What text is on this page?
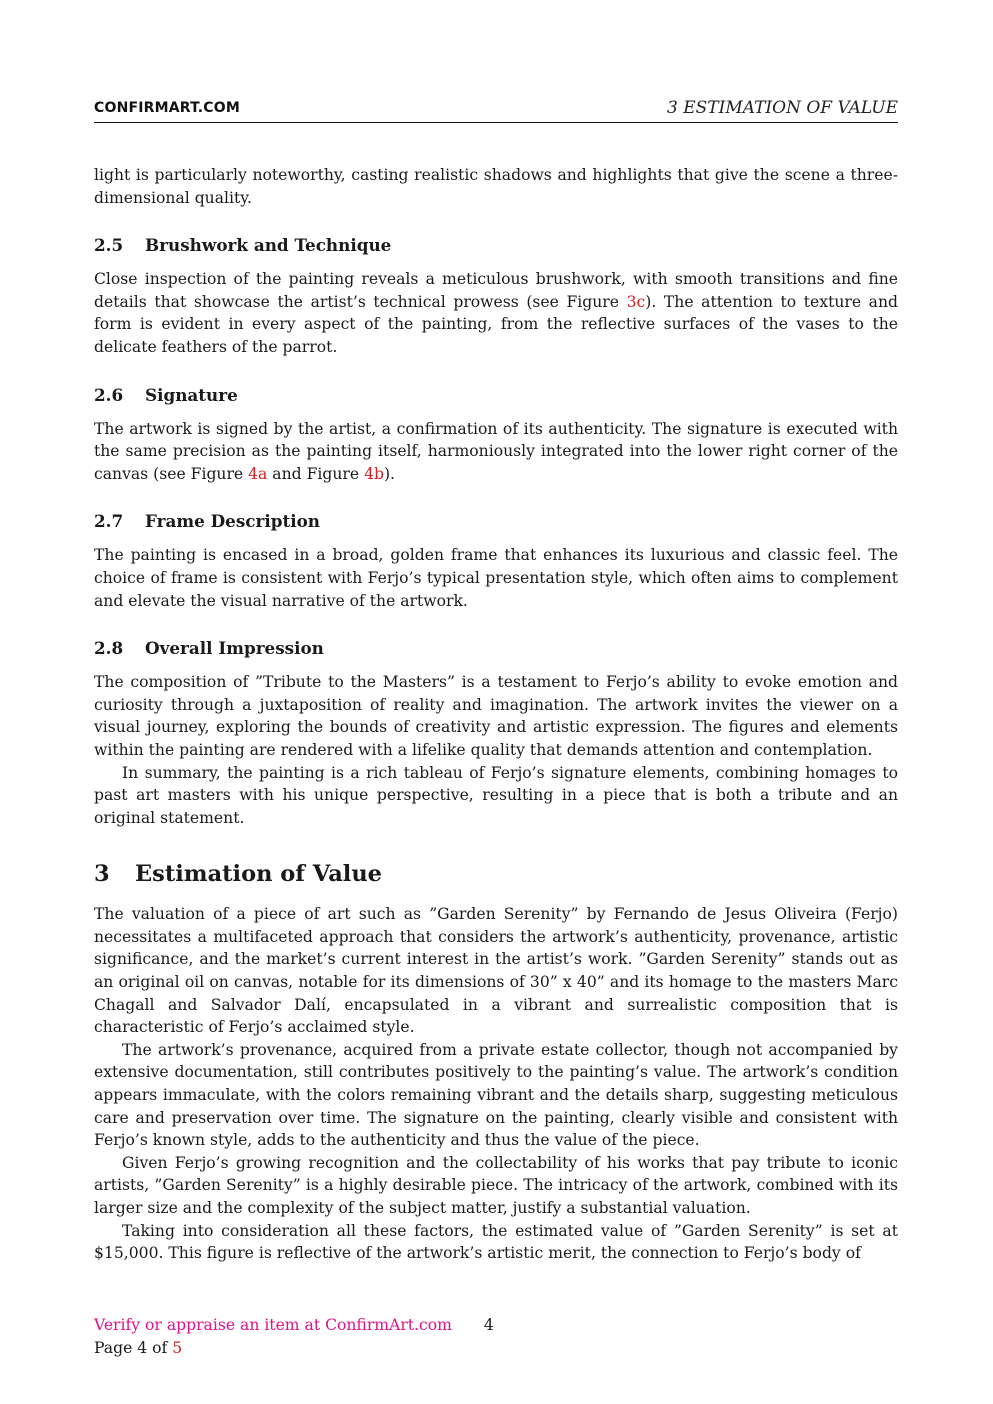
CONFIRMART.COM	3 ESTIMATION OF VALUE

light is particularly noteworthy, casting realistic shadows and highlights that give the scene a three-dimensional quality.

2.5 Brushwork and Technique

Close inspection of the painting reveals a meticulous brushwork, with smooth transitions and fine details that showcase the artist’s technical prowess (see Figure 3c). The attention to texture and form is evident in every aspect of the painting, from the reflective surfaces of the vases to the delicate feathers of the parrot.

2.6 Signature

The artwork is signed by the artist, a confirmation of its authenticity. The signature is executed with the same precision as the painting itself, harmoniously integrated into the lower right corner of the canvas (see Figure 4a and Figure 4b).

2.7 Frame Description

The painting is encased in a broad, golden frame that enhances its luxurious and classic feel. The choice of frame is consistent with Ferjo’s typical presentation style, which often aims to complement and elevate the visual narrative of the artwork.

2.8 Overall Impression

The composition of ”Tribute to the Masters” is a testament to Ferjo’s ability to evoke emotion and curiosity through a juxtaposition of reality and imagination. The artwork invites the viewer on a visual journey, exploring the bounds of creativity and artistic expression. The figures and elements within the painting are rendered with a lifelike quality that demands attention and contemplation.

In summary, the painting is a rich tableau of Ferjo’s signature elements, combining homages to past art masters with his unique perspective, resulting in a piece that is both a tribute and an original statement.

3 Estimation of Value

The valuation of a piece of art such as ”Garden Serenity” by Fernando de Jesus Oliveira (Ferjo) necessitates a multifaceted approach that considers the artwork’s authenticity, provenance, artistic significance, and the market’s current interest in the artist’s work. ”Garden Serenity” stands out as an original oil on canvas, notable for its dimensions of 30” x 40” and its homage to the masters Marc Chagall and Salvador Dalí, encapsulated in a vibrant and surrealistic composition that is characteristic of Ferjo’s acclaimed style.

The artwork’s provenance, acquired from a private estate collector, though not accompanied by extensive documentation, still contributes positively to the painting’s value. The artwork’s condition appears immaculate, with the colors remaining vibrant and the details sharp, suggesting meticulous care and preservation over time. The signature on the painting, clearly visible and consistent with Ferjo’s known style, adds to the authenticity and thus the value of the piece.

Given Ferjo’s growing recognition and the collectability of his works that pay tribute to iconic artists, ”Garden Serenity” is a highly desirable piece. The intricacy of the artwork, combined with its larger size and the complexity of the subject matter, justify a substantial valuation.

Taking into consideration all these factors, the estimated value of ”Garden Serenity” is set at $15,000. This figure is reflective of the artwork’s artistic merit, the connection to Ferjo’s body of

Verify or appraise an item at ConfirmArt.com 4
Page 4 of 5
